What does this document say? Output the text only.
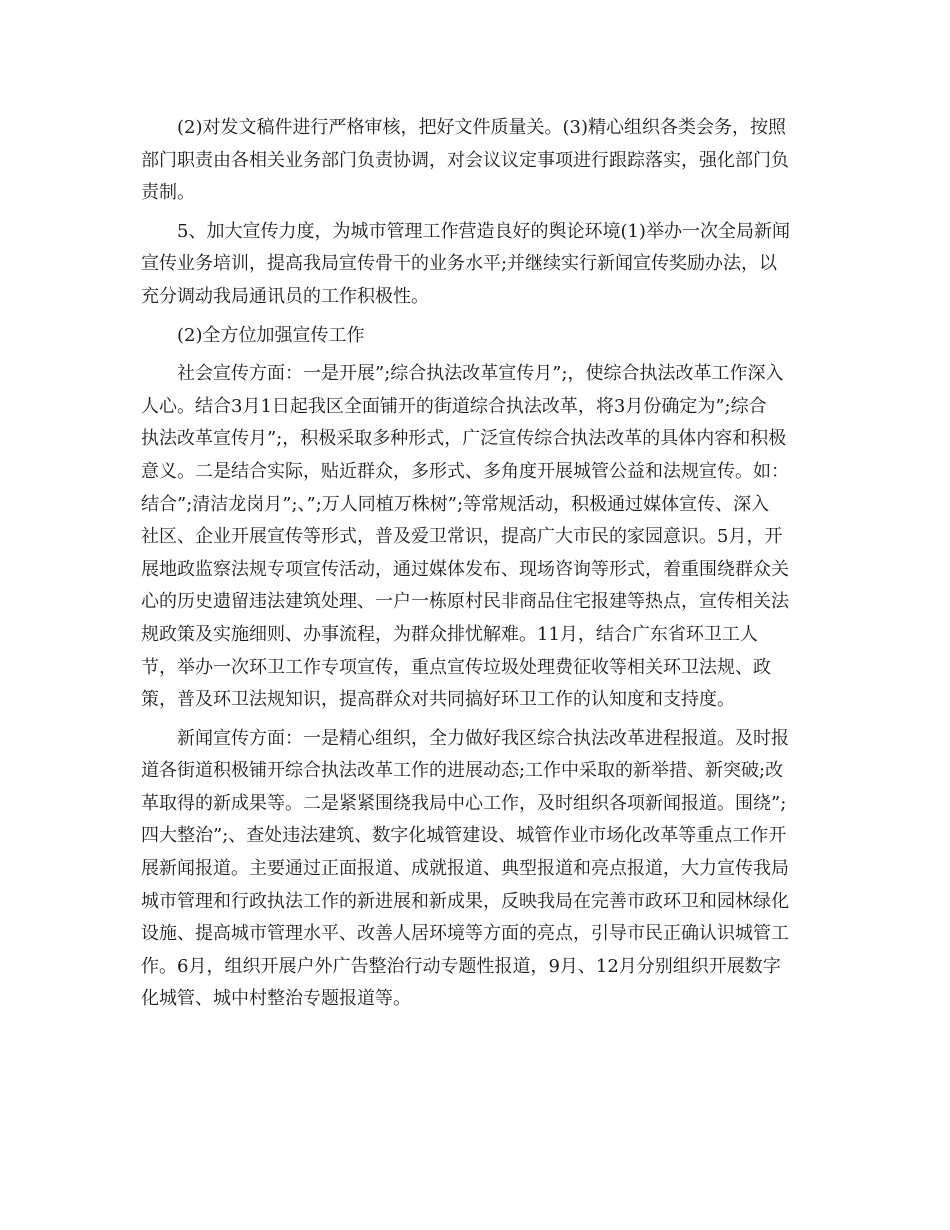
(2)对发文稿件进行严格审核，把好文件质量关。(3)精心组织各类会务，按照
部门职责由各相关业务部门负责协调，对会议议定事项进行跟踪落实，强化部门负
责制。

5、加大宣传力度，为城市管理工作营造良好的舆论环境(1)举办一次全局新闻
宣传业务培训，提高我局宣传骨干的业务水平;并继续实行新闻宣传奖励办法，以
充分调动我局通讯员的工作积极性。

(2)全方位加强宣传工作

社会宣传方面：一是开展”;综合执法改革宣传月”;，使综合执法改革工作深入
人心。结合3月1日起我区全面铺开的街道综合执法改革，将3月份确定为”;综合
执法改革宣传月”;，积极采取多种形式，广泛宣传综合执法改革的具体内容和积极
意义。二是结合实际，贴近群众，多形式、多角度开展城管公益和法规宣传。如：
结合”;清洁龙岗月”;、”;万人同植万株树”;等常规活动，积极通过媒体宣传、深入
社区、企业开展宣传等形式，普及爱卫常识，提高广大市民的家园意识。5月，开
展地政监察法规专项宣传活动，通过媒体发布、现场咨询等形式，着重围绕群众关
心的历史遗留违法建筑处理、一户一栋原村民非商品住宅报建等热点，宣传相关法
规政策及实施细则、办事流程，为群众排忧解难。11月，结合广东省环卫工人
节，举办一次环卫工作专项宣传，重点宣传垃圾处理费征收等相关环卫法规、政
策，普及环卫法规知识，提高群众对共同搞好环卫工作的认知度和支持度。

新闻宣传方面：一是精心组织，全力做好我区综合执法改革进程报道。及时报
道各街道积极铺开综合执法改革工作的进展动态;工作中采取的新举措、新突破;改
革取得的新成果等。二是紧紧围绕我局中心工作，及时组织各项新闻报道。围绕”;
四大整治”;、查处违法建筑、数字化城管建设、城管作业市场化改革等重点工作开
展新闻报道。主要通过正面报道、成就报道、典型报道和亮点报道，大力宣传我局
城市管理和行政执法工作的新进展和新成果，反映我局在完善市政环卫和园林绿化
设施、提高城市管理水平、改善人居环境等方面的亮点，引导市民正确认识城管工
作。6月，组织开展户外广告整治行动专题性报道，9月、12月分别组织开展数字
化城管、城中村整治专题报道等。
